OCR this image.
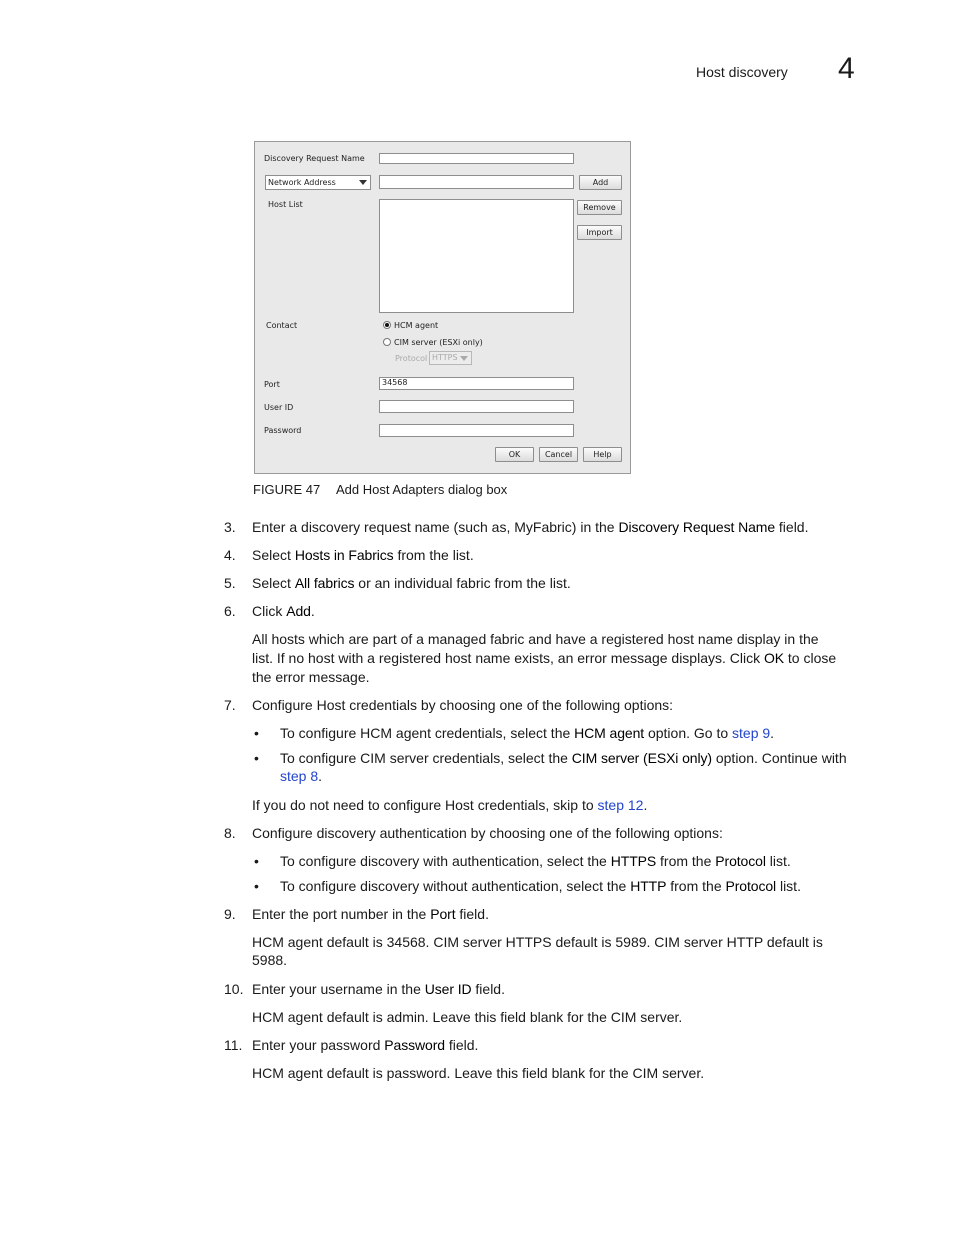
Host discovery 4
Discovery Request Name
Network Address	Add
Host List	Remove
Import
Contact	HCM agent
CIM server (ESXi only)
Protocol HTTPS
Port	34568
User ID
Password
OK	Cancel	Help
FIGURE 47 Add Host Adapters dialog box
3. Enter a discovery request name (such as, MyFabric) in the Discovery Request Name field.
4. Select Hosts in Fabrics from the list.
5. Select All fabrics or an individual fabric from the list.
6. Click Add.
All hosts which are part of a managed fabric and have a registered host name display in the
list. If no host with a registered host name exists, an error message displays. Click OK to close
the error message.
7. Configure Host credentials by choosing one of the following options:
• To configure HCM agent credentials, select the HCM agent option. Go to step 9.
• To configure CIM server credentials, select the CIM server (ESXi only) option. Continue with
step 8.
If you do not need to configure Host credentials, skip to step 12.
8. Configure discovery authentication by choosing one of the following options:
• To configure discovery with authentication, select the HTTPS from the Protocol list.
• To configure discovery without authentication, select the HTTP from the Protocol list.
9. Enter the port number in the Port field.
HCM agent default is 34568. CIM server HTTPS default is 5989. CIM server HTTP default is
5988.
10. Enter your username in the User ID field.
HCM agent default is admin. Leave this field blank for the CIM server.
11. Enter your password Password field.
HCM agent default is password. Leave this field blank for the CIM server.
